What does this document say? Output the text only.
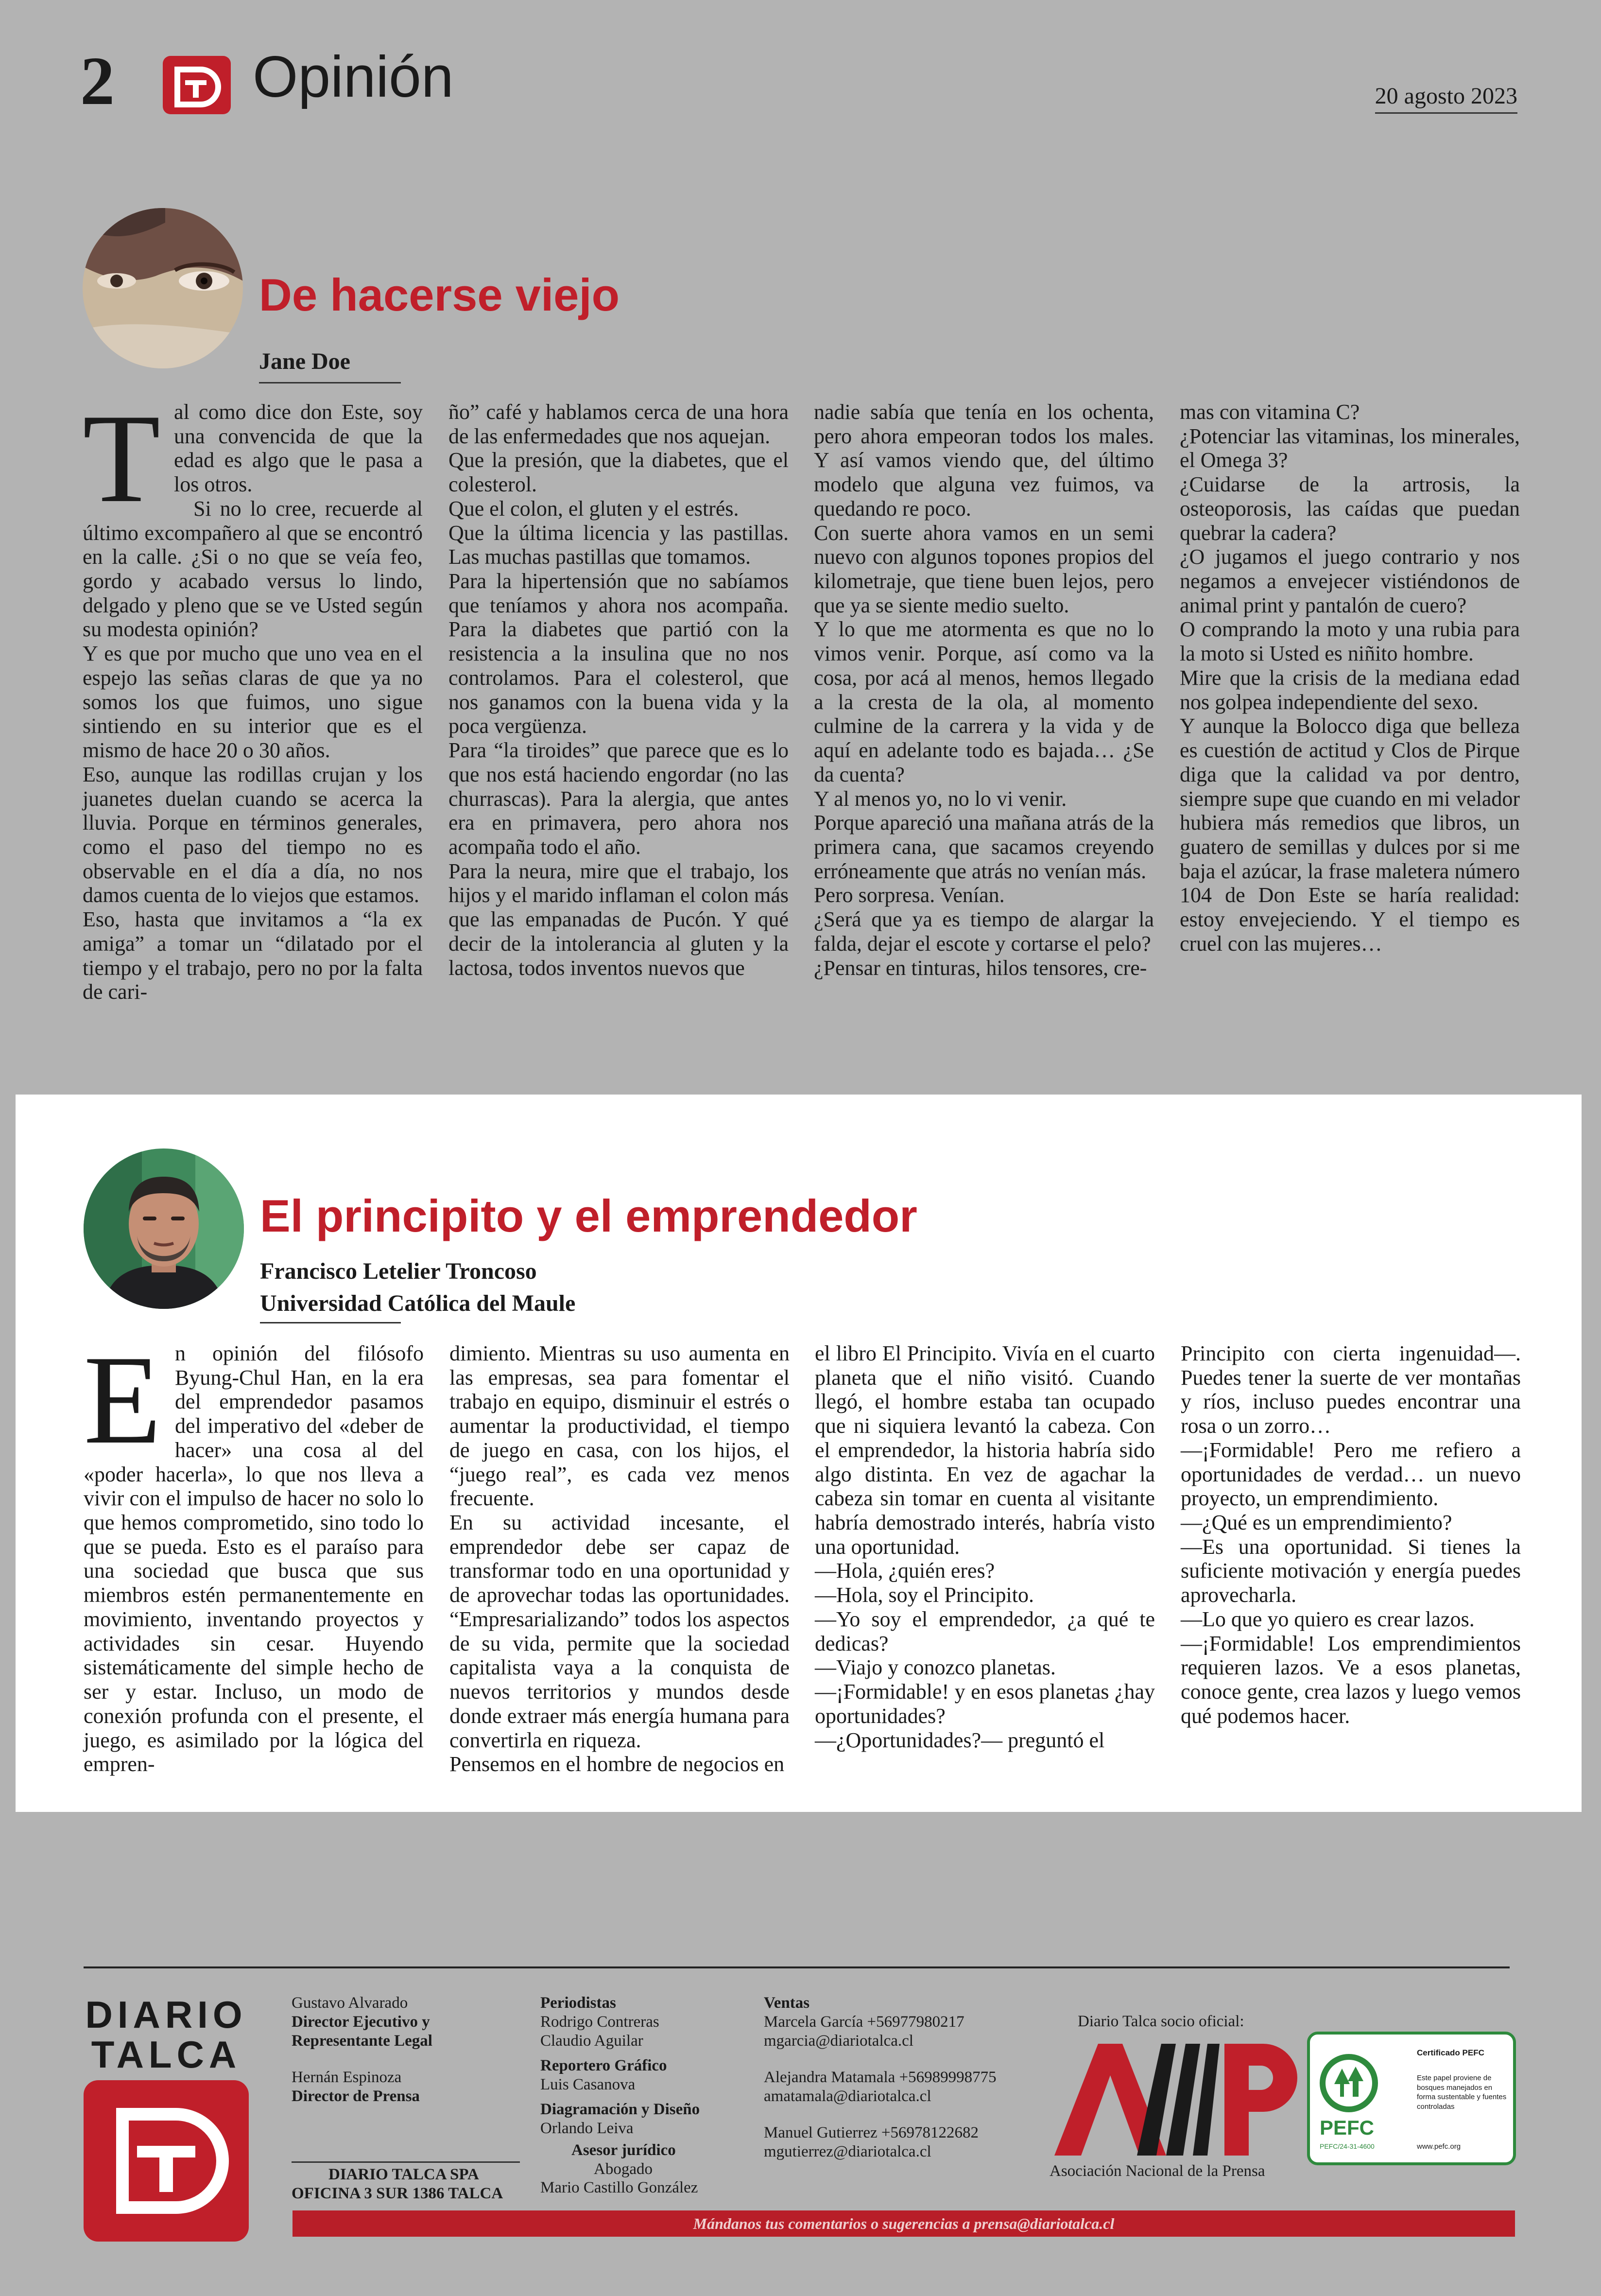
2 Opinión	20 agosto 2023
De hacerse viejo
Jane Doe
T al como dice don Este, soy una convencida de que la edad es algo que le pasa a los otros.

Si no lo cree, recuerde al último excompañero al que se encontró en la calle. ¿Si o no que se veía feo, gordo y acabado versus lo lindo, delgado y pleno que se ve Usted según su modesta opinión?

Y es que por mucho que uno vea en el espejo las señas claras de que ya no somos los que fuimos, uno sigue sintiendo en su interior que es el mismo de hace 20 o 30 años.

Eso, aunque las rodillas crujan y los juanetes duelan cuando se acerca la lluvia. Porque en términos generales, como el paso del tiempo no es observable en el día a día, no nos damos cuenta de lo viejos que estamos.

Eso, hasta que invitamos a “la ex amiga” a tomar un “dilatado por el tiempo y el trabajo, pero no por la falta de cari-

ño” café y hablamos cerca de una hora de las enfermedades que nos aquejan.

Que la presión, que la diabetes, que el colesterol.

Que el colon, el gluten y el estrés.

Que la última licencia y las pastillas. Las muchas pastillas que tomamos.

Para la hipertensión que no sabíamos que teníamos y ahora nos acompaña. Para la diabetes que partió con la resistencia a la insulina que no nos controlamos. Para el colesterol, que nos ganamos con la buena vida y la poca vergüenza.

Para “la tiroides” que parece que es lo que nos está haciendo engordar (no las churrascas). Para la alergia, que antes era en primavera, pero ahora nos acompaña todo el año.

Para la neura, mire que el trabajo, los hijos y el marido inflaman el colon más que las empanadas de Pucón. Y qué decir de la intolerancia al gluten y la lactosa, todos inventos nuevos que

nadie sabía que tenía en los ochenta, pero ahora empeoran todos los males. Y así vamos viendo que, del último modelo que alguna vez fuimos, va quedando re poco.

Con suerte ahora vamos en un semi nuevo con algunos topones propios del kilometraje, que tiene buen lejos, pero que ya se siente medio suelto.

Y lo que me atormenta es que no lo vimos venir. Porque, así como va la cosa, por acá al menos, hemos llegado a la cresta de la ola, al momento culmine de la carrera y la vida y de aquí en adelante todo es bajada… ¿Se da cuenta?

Y al menos yo, no lo vi venir.

Porque apareció una mañana atrás de la primera cana, que sacamos creyendo erróneamente que atrás no venían más.

Pero sorpresa. Venían.

¿Será que ya es tiempo de alargar la falda, dejar el escote y cortarse el pelo?

¿Pensar en tinturas, hilos tensores, cre-

mas con vitamina C?

¿Potenciar las vitaminas, los minerales, el Omega 3?

¿Cuidarse de la artrosis, la osteoporosis, las caídas que puedan quebrar la cadera?

¿O jugamos el juego contrario y nos negamos a envejecer vistiéndonos de animal print y pantalón de cuero?

O comprando la moto y una rubia para la moto si Usted es niñito hombre.

Mire que la crisis de la mediana edad nos golpea independiente del sexo.

Y aunque la Bolocco diga que belleza es cuestión de actitud y Clos de Pirque diga que la calidad va por dentro, siempre supe que cuando en mi velador hubiera más remedios que libros, un guatero de semillas y dulces por si me baja el azúcar, la frase maletera número 104 de Don Este se haría realidad: estoy envejeciendo. Y el tiempo es cruel con las mujeres…

El principito y el emprendedor
Francisco Letelier Troncoso
Universidad Católica del Maule
E n opinión del filósofo Byung-Chul Han, en la era del emprendedor pasamos del imperativo del «deber de hacer» una cosa al del «poder hacerla», lo que nos lleva a vivir con el impulso de hacer no solo lo que hemos comprometido, sino todo lo que se pueda. Esto es el paraíso para una sociedad que busca que sus miembros estén permanentemente en movimiento, inventando proyectos y actividades sin cesar. Huyendo sistemáticamente del simple hecho de ser y estar. Incluso, un modo de conexión profunda con el presente, el juego, es asimilado por la lógica del empren-

dimiento. Mientras su uso aumenta en las empresas, sea para fomentar el trabajo en equipo, disminuir el estrés o aumentar la productividad, el tiempo de juego en casa, con los hijos, el “juego real”, es cada vez menos frecuente.

En su actividad incesante, el emprendedor debe ser capaz de transformar todo en una oportunidad y de aprovechar todas las oportunidades. “Empresarializando” todos los aspectos de su vida, permite que la sociedad capitalista vaya a la conquista de nuevos territorios y mundos desde donde extraer más energía humana para convertirla en riqueza.

Pensemos en el hombre de negocios en

el libro El Principito. Vivía en el cuarto planeta que el niño visitó. Cuando llegó, el hombre estaba tan ocupado que ni siquiera levantó la cabeza. Con el emprendedor, la historia habría sido algo distinta. En vez de agachar la cabeza sin tomar en cuenta al visitante habría demostrado interés, habría visto una oportunidad.

—Hola, ¿quién eres?

—Hola, soy el Principito.

—Yo soy el emprendedor, ¿a qué te dedicas?

—Viajo y conozco planetas.

—¡Formidable! y en esos planetas ¿hay oportunidades?

—¿Oportunidades?— preguntó el

Principito con cierta ingenuidad—. Puedes tener la suerte de ver montañas y ríos, incluso puedes encontrar una rosa o un zorro…

—¡Formidable! Pero me refiero a oportunidades de verdad… un nuevo proyecto, un emprendimiento.

—¿Qué es un emprendimiento?

—Es una oportunidad. Si tienes la suficiente motivación y energía puedes aprovecharla.

—Lo que yo quiero es crear lazos.

—¡Formidable! Los emprendimientos requieren lazos. Ve a esos planetas, conoce gente, crea lazos y luego vemos qué podemos hacer.

DIARIO
TALCA
Gustavo Alvarado
Director Ejecutivo y Representante Legal
Hernán Espinoza
Director de Prensa
DIARIO TALCA SPA
OFICINA 3 SUR 1386 TALCA
Periodistas
Rodrigo Contreras
Claudio Aguilar
Reportero Gráfico
Luis Casanova
Diagramación y Diseño
Orlando Leiva
Asesor jurídico
Abogado
Mario Castillo González
Ventas
Marcela García +56977980217
mgarcia@diariotalca.cl
Alejandra Matamala +56989998775
amatamala@diariotalca.cl
Manuel Gutierrez +56978122682
mgutierrez@diariotalca.cl
Diario Talca socio oficial:
ANP
Asociación Nacional de la Prensa
PEFC
PEFC/24-31-4600
Certificado PEFC
Este papel proviene de bosques manejados en forma sustentable y fuentes controladas
www.pefc.org
Mándanos tus comentarios o sugerencias a prensa@diariotalca.cl
